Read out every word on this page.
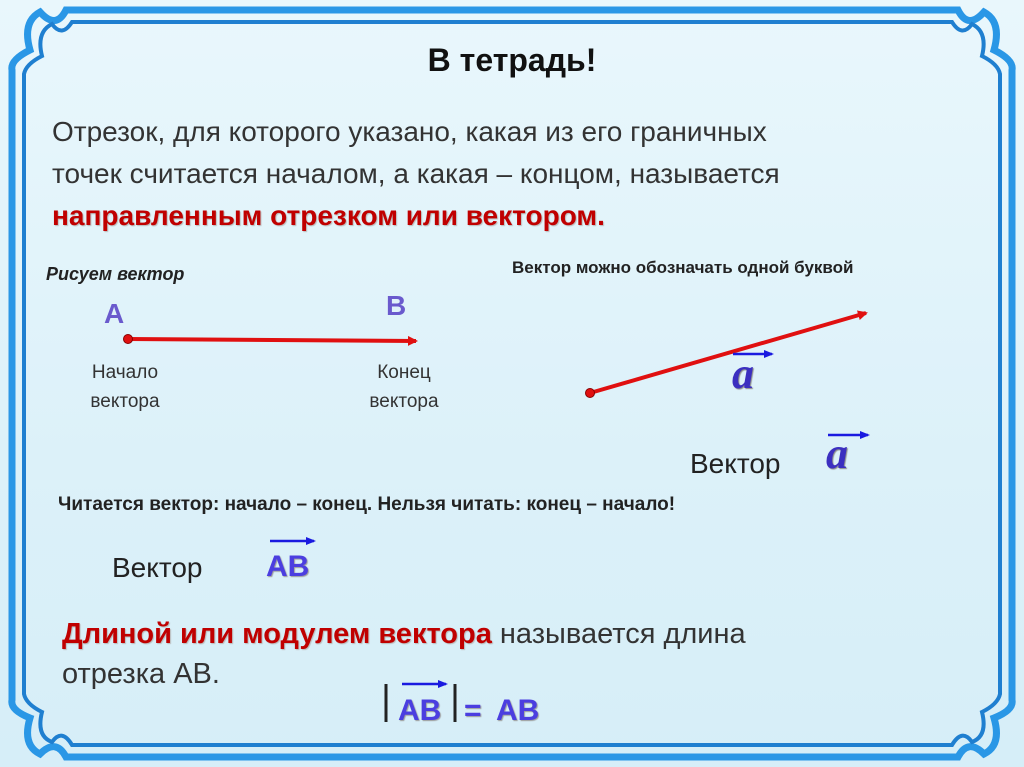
В тетрадь!
Отрезок, для которого указано, какая из его граничных
точек считается началом, а какая – концом, называется
направленным отрезком или вектором.
Рисуем вектор
А	В
Начало
вектора
Конец
вектора
Вектор можно обозначать одной буквой
a
Вектор a
Читается вектор: начало – конец. Нельзя читать: конец – начало!
Вектор АВ
Длиной или модулем вектора называется длина
отрезка АВ.
АВ = АВ
